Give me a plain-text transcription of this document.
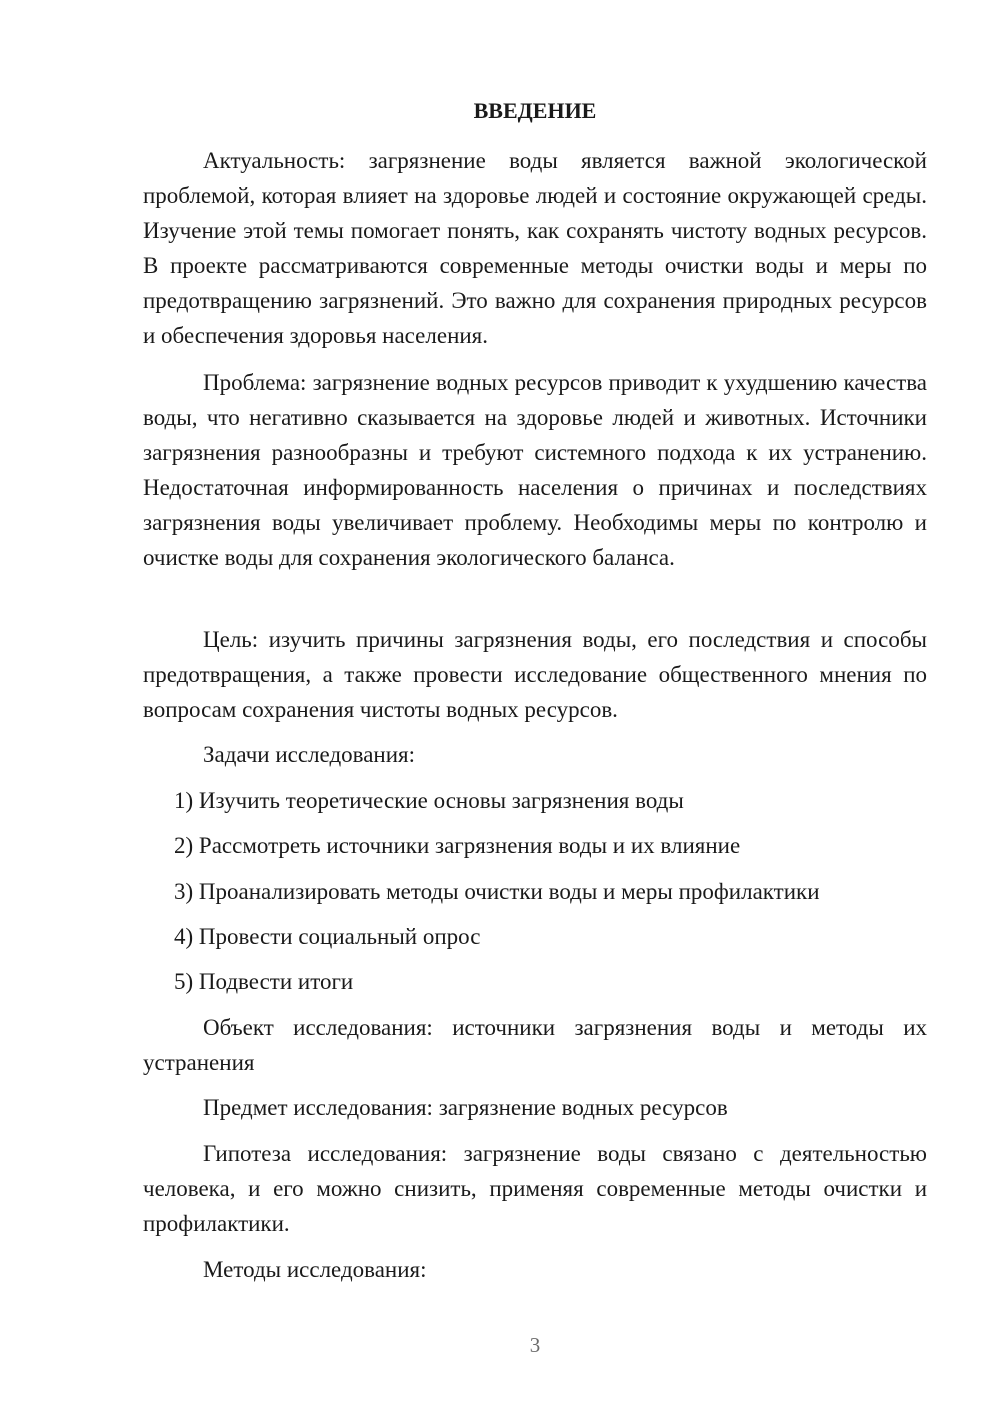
ВВЕДЕНИЕ
Актуальность: загрязнение воды является важной экологической проблемой, которая влияет на здоровье людей и состояние окружающей среды. Изучение этой темы помогает понять, как сохранять чистоту водных ресурсов. В проекте рассматриваются современные методы очистки воды и меры по предотвращению загрязнений. Это важно для сохранения природных ресурсов и обеспечения здоровья населения.
Проблема: загрязнение водных ресурсов приводит к ухудшению качества воды, что негативно сказывается на здоровье людей и животных. Источники загрязнения разнообразны и требуют системного подхода к их устранению. Недостаточная информированность населения о причинах и последствиях загрязнения воды увеличивает проблему. Необходимы меры по контролю и очистке воды для сохранения экологического баланса.
Цель: изучить причины загрязнения воды, его последствия и способы предотвращения, а также провести исследование общественного мнения по вопросам сохранения чистоты водных ресурсов.
Задачи исследования:
1) Изучить теоретические основы загрязнения воды
2) Рассмотреть источники загрязнения воды и их влияние
3) Проанализировать методы очистки воды и меры профилактики
4) Провести социальный опрос
5) Подвести итоги
Объект исследования: источники загрязнения воды и методы их устранения
Предмет исследования: загрязнение водных ресурсов
Гипотеза исследования: загрязнение воды связано с деятельностью человека, и его можно снизить, применяя современные методы очистки и профилактики.
Методы исследования:
3
